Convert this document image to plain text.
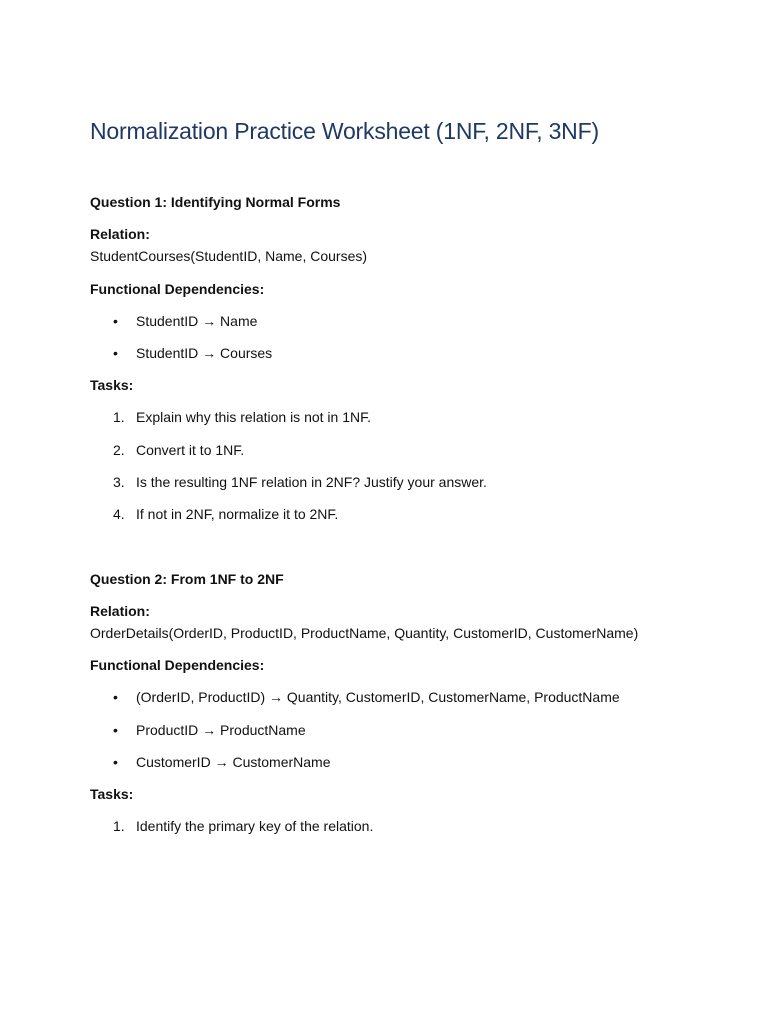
Normalization Practice Worksheet (1NF, 2NF, 3NF)
Question 1: Identifying Normal Forms
Relation:
StudentCourses(StudentID, Name, Courses)
Functional Dependencies:
• StudentID → Name
• StudentID → Courses
Tasks:
1. Explain why this relation is not in 1NF.
2. Convert it to 1NF.
3. Is the resulting 1NF relation in 2NF? Justify your answer.
4. If not in 2NF, normalize it to 2NF.
Question 2: From 1NF to 2NF
Relation:
OrderDetails(OrderID, ProductID, ProductName, Quantity, CustomerID, CustomerName)
Functional Dependencies:
• (OrderID, ProductID) → Quantity, CustomerID, CustomerName, ProductName
• ProductID → ProductName
• CustomerID → CustomerName
Tasks:
1. Identify the primary key of the relation.
